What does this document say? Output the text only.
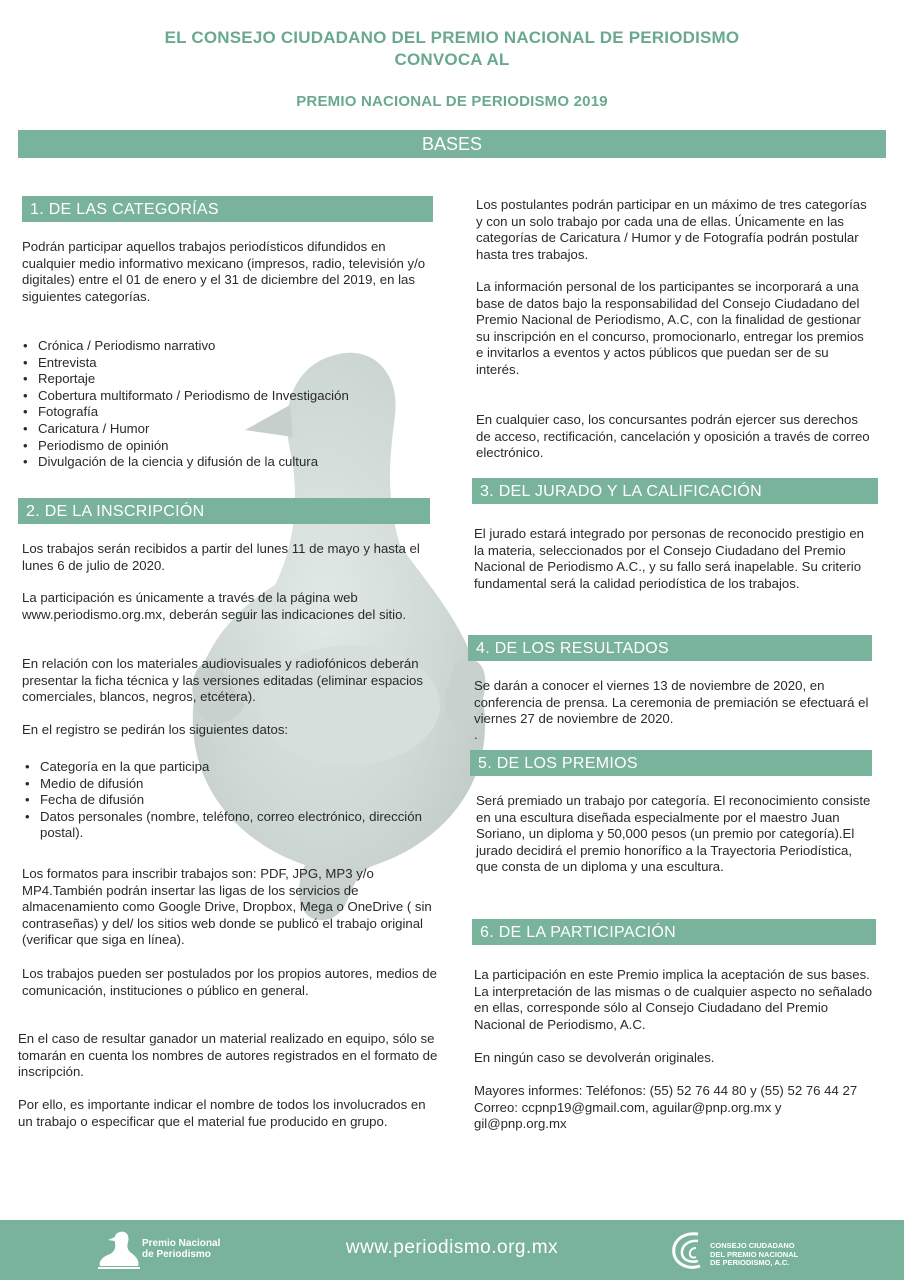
EL CONSEJO CIUDADANO DEL PREMIO NACIONAL DE PERIODISMO
CONVOCA AL
PREMIO NACIONAL DE PERIODISMO 2019
BASES
1. DE LAS CATEGORÍAS

Podrán participar aquellos trabajos periodísticos difundidos en cualquier medio informativo mexicano (impresos, radio, televisión y/o digitales) entre el 01 de enero y el 31 de diciembre del 2019, en las siguientes categorías.

• Crónica / Periodismo narrativo
• Entrevista
• Reportaje
• Cobertura multiformato / Periodismo de Investigación
• Fotografía
• Caricatura / Humor
• Periodismo de opinión
• Divulgación de la ciencia y difusión de la cultura
2. DE LA INSCRIPCIÓN

Los trabajos serán recibidos a partir del lunes 11 de mayo y hasta el lunes 6 de julio de 2020.

La participación es únicamente a través de la página web www.periodismo.org.mx, deberán seguir las indicaciones del sitio.

En relación con los materiales audiovisuales y radiofónicos deberán presentar la ficha técnica y las versiones editadas (eliminar espacios comerciales, blancos, negros, etcétera).

En el registro se pedirán los siguientes datos:

• Categoría en la que participa
• Medio de difusión
• Fecha de difusión
• Datos personales (nombre, teléfono, correo electrónico, dirección postal).

Los formatos para inscribir trabajos son: PDF, JPG, MP3 y/o MP4.También podrán insertar las ligas de los servicios de almacenamiento como Google Drive, Dropbox, Mega o OneDrive ( sin contraseñas) y del/ los sitios web donde se publicó el trabajo original (verificar que siga en línea).

Los trabajos pueden ser postulados por los propios autores, medios de comunicación, instituciones o público en general.

En el caso de resultar ganador un material realizado en equipo, sólo se tomarán en cuenta los nombres de autores registrados en el formato de inscripción.

Por ello, es importante indicar el nombre de todos los involucrados en un trabajo o especificar que el material fue producido en grupo.

Los postulantes podrán participar en un máximo de tres categorías y con un solo trabajo por cada una de ellas. Únicamente en las categorías de Caricatura / Humor y de Fotografía podrán postular hasta tres trabajos.

La información personal de los participantes se incorporará a una base de datos bajo la responsabilidad del Consejo Ciudadano del Premio Nacional de Periodismo, A.C, con la finalidad de gestionar su inscripción en el concurso, promocionarlo, entregar los premios e invitarlos a eventos y actos públicos que puedan ser de su interés.

En cualquier caso, los concursantes podrán ejercer sus derechos de acceso, rectificación, cancelación y oposición a través de correo electrónico.

3. DEL JURADO Y LA CALIFICACIÓN

El jurado estará integrado por personas de reconocido prestigio en la materia, seleccionados por el Consejo Ciudadano del Premio Nacional de Periodismo A.C., y su fallo será inapelable. Su criterio fundamental será la calidad periodística de los trabajos.

4. DE LOS RESULTADOS

Se darán a conocer el viernes 13 de noviembre de 2020, en conferencia de prensa. La ceremonia de premiación se efectuará el viernes 27 de noviembre de 2020.

.

5. DE LOS PREMIOS

Será premiado un trabajo por categoría. El reconocimiento consiste en una escultura diseñada especialmente por el maestro Juan Soriano, un diploma y 50,000 pesos (un premio por categoría).El jurado decidirá el premio honorífico a la Trayectoria Periodística, que consta de un diploma y una escultura.

6. DE LA PARTICIPACIÓN

La participación en este Premio implica la aceptación de sus bases. La interpretación de las mismas o de cualquier aspecto no señalado en ellas, corresponde sólo al Consejo Ciudadano del Premio Nacional de Periodismo, A.C.

En ningún caso se devolverán originales.

Mayores informes: Teléfonos: (55) 52 76 44 80 y (55) 52 76 44 27 Correo: ccpnp19@gmail.com, aguilar@pnp.org.mx y gil@pnp.org.mx

Premio Nacional
de Periodismo	www.periodismo.org.mx	CONSEJO CIUDADANO
DEL PREMIO NACIONAL
DE PERIODISMO, A.C.
